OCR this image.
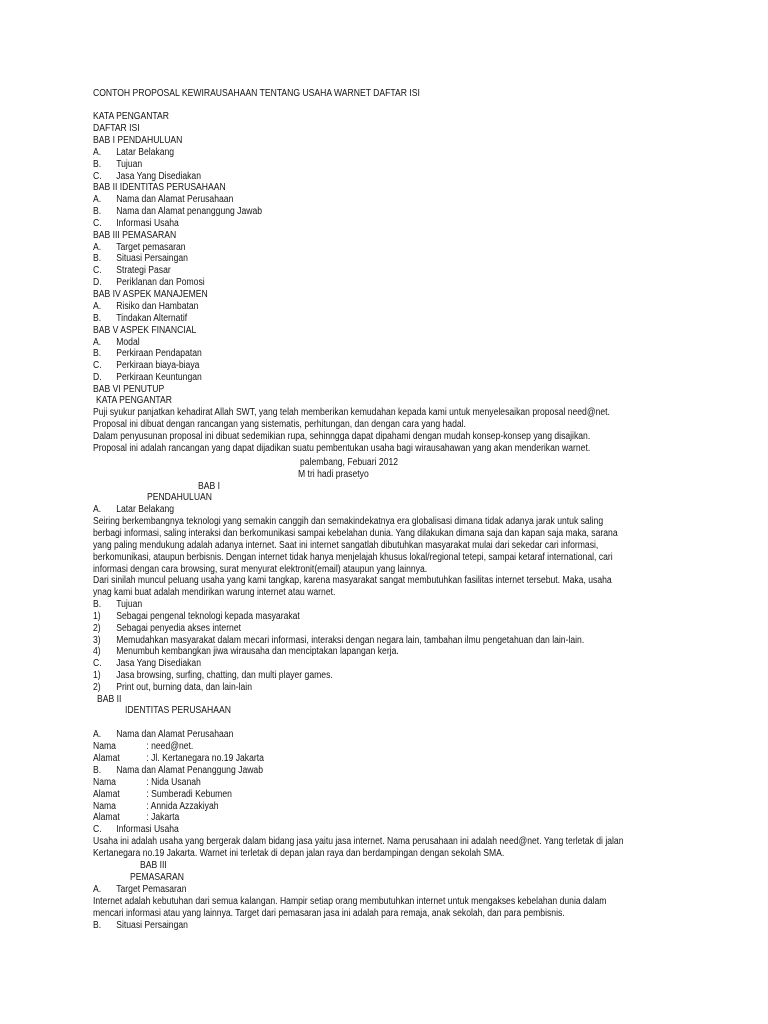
CONTOH PROPOSAL KEWIRAUSAHAAN TENTANG USAHA WARNET DAFTAR ISI
KATA PENGANTAR
DAFTAR ISI
BAB I PENDAHULUAN
A. Latar Belakang
B. Tujuan
C. Jasa Yang Disediakan
BAB II IDENTITAS PERUSAHAAN
A. Nama dan Alamat Perusahaan
B. Nama dan Alamat penanggung Jawab
C. Informasi Usaha
BAB III PEMASARAN
A. Target pemasaran
B. Situasi Persaingan
C. Strategi Pasar
D. Periklanan dan Pomosi
BAB IV ASPEK MANAJEMEN
A. Risiko dan Hambatan
B. Tindakan Alternatif
BAB V ASPEK FINANCIAL
A. Modal
B. Perkiraan Pendapatan
C. Perkiraan biaya-biaya
D. Perkiraan Keuntungan
BAB VI PENUTUP
KATA PENGANTAR
Puji syukur panjatkan kehadirat Allah SWT, yang telah memberikan kemudahan kepada kami untuk menyelesaikan proposal need@net.
Proposal ini dibuat dengan rancangan yang sistematis, perhitungan, dan dengan cara yang hadal.
Dalam penyusunan proposal ini dibuat sedemikian rupa, sehinngga dapat dipahami dengan mudah konsep-konsep yang disajikan.
Proposal ini adalah rancangan yang dapat dijadikan suatu pembentukan usaha bagi wirausahawan yang akan menderikan warnet.
palembang, Febuari 2012
M tri hadi prasetyo
BAB I
PENDAHULUAN
A. Latar Belakang
Seiring berkembangnya teknologi yang semakin canggih dan semakindekatnya era globalisasi dimana tidak adanya jarak untuk saling
berbagi informasi, saling interaksi dan berkomunikasi sampai kebelahan dunia. Yang dilakukan dimana saja dan kapan saja maka, sarana
yang paling mendukung adalah adanya internet. Saat ini internet sangatlah dibutuhkan masyarakat mulai dari sekedar cari informasi,
berkomunikasi, ataupun berbisnis. Dengan internet tidak hanya menjelajah khusus lokal/regional tetepi, sampai ketaraf international, cari
informasi dengan cara browsing, surat menyurat elektronit(email) ataupun yang lainnya.
Dari sinilah muncul peluang usaha yang kami tangkap, karena masyarakat sangat membutuhkan fasilitas internet tersebut. Maka, usaha
ynag kami buat adalah mendirikan warung internet atau warnet.
B. Tujuan
1) Sebagai pengenal teknologi kepada masyarakat
2) Sebagai penyedia akses internet
3) Memudahkan masyarakat dalam mecari informasi, interaksi dengan negara lain, tambahan ilmu pengetahuan dan lain-lain.
4) Menumbuh kembangkan jiwa wirausaha dan menciptakan lapangan kerja.
C. Jasa Yang Disediakan
1) Jasa browsing, surfing, chatting, dan multi player games.
2) Print out, burning data, dan lain-lain
BAB II
IDENTITAS PERUSAHAAN
A. Nama dan Alamat Perusahaan
Nama	: need@net.
Alamat	: Jl. Kertanegara no.19 Jakarta
B. Nama dan Alamat Penanggung Jawab
Nama	: Nida Usanah
Alamat	: Sumberadi Kebumen
Nama	: Annida Azzakiyah
Alamat	: Jakarta
C. Informasi Usaha
Usaha ini adalah usaha yang bergerak dalam bidang jasa yaitu jasa internet. Nama perusahaan ini adalah need@net. Yang terletak di jalan
Kertanegara no.19 Jakarta. Warnet ini terletak di depan jalan raya dan berdampingan dengan sekolah SMA.
BAB III
PEMASARAN
A. Target Pemasaran
Internet adalah kebutuhan dari semua kalangan. Hampir setiap orang membutuhkan internet untuk mengakses kebelahan dunia dalam
mencari informasi atau yang lainnya. Target dari pemasaran jasa ini adalah para remaja, anak sekolah, dan para pembisnis.
B. Situasi Persaingan
